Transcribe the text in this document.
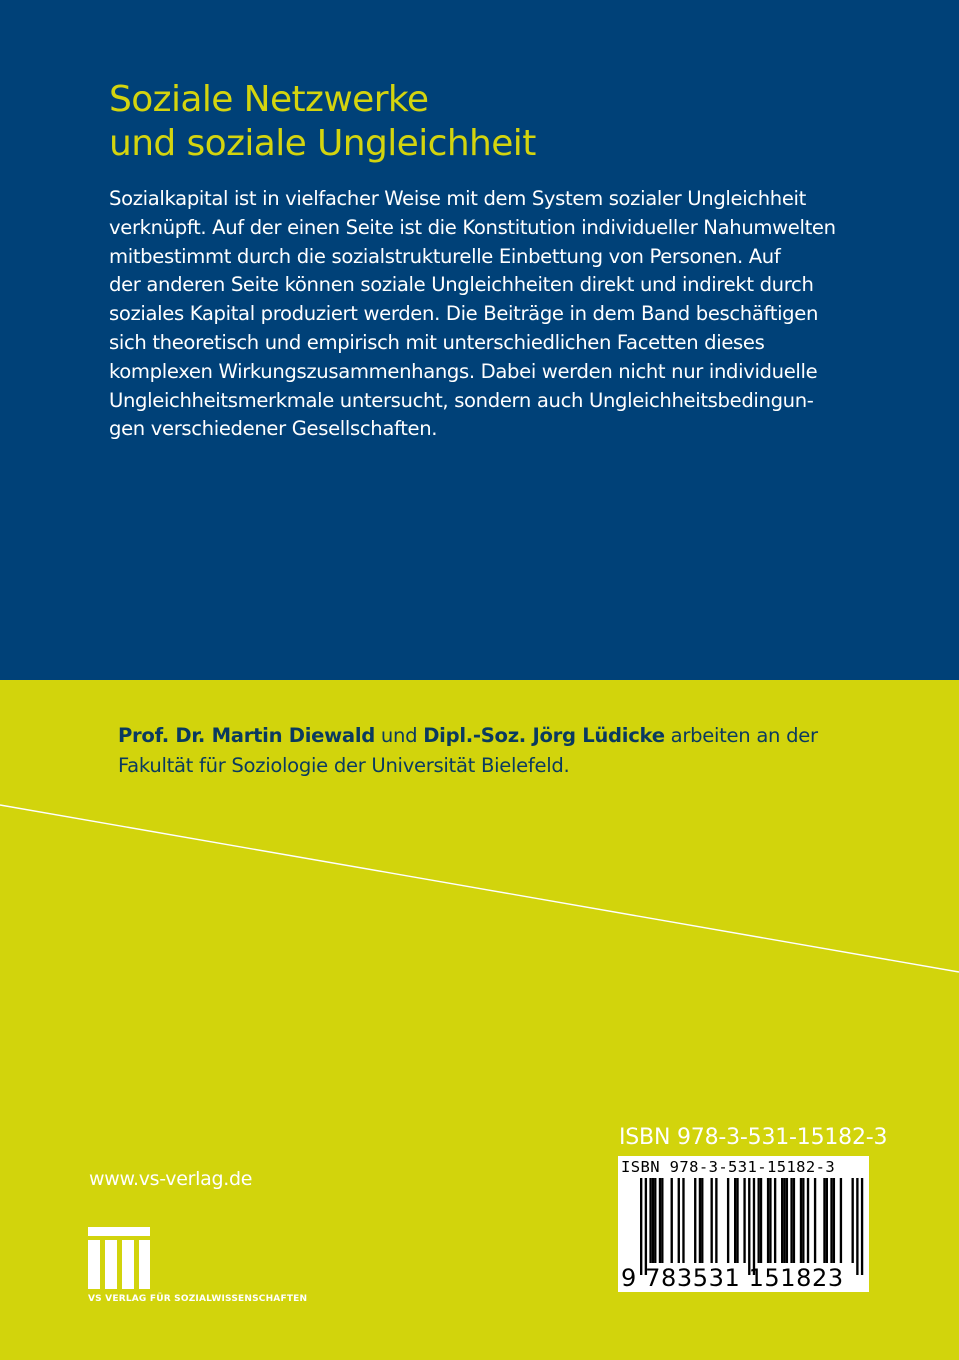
Soziale Netzwerke
und soziale Ungleichheit
Sozialkapital ist in vielfacher Weise mit dem System sozialer Ungleichheit
verknüpft. Auf der einen Seite ist die Konstitution individueller Nahumwelten
mitbestimmt durch die sozialstrukturelle Einbettung von Personen. Auf
der anderen Seite können soziale Ungleichheiten direkt und indirekt durch
soziales Kapital produziert werden. Die Beiträge in dem Band beschäftigen
sich theoretisch und empirisch mit unterschiedlichen Facetten dieses
komplexen Wirkungszusammenhangs. Dabei werden nicht nur individuelle
Ungleichheitsmerkmale untersucht, sondern auch Ungleichheitsbedingun-
gen verschiedener Gesellschaften.
Prof. Dr. Martin Diewald und Dipl.-Soz. Jörg Lüdicke arbeiten an der
Fakultät für Soziologie der Universität Bielefeld.
www.vs-verlag.de
VS VERLAG FÜR SOZIALWISSENSCHAFTEN
ISBN 978-3-531-15182-3
ISBN 978-3-531-15182-3
9 783531 151823
